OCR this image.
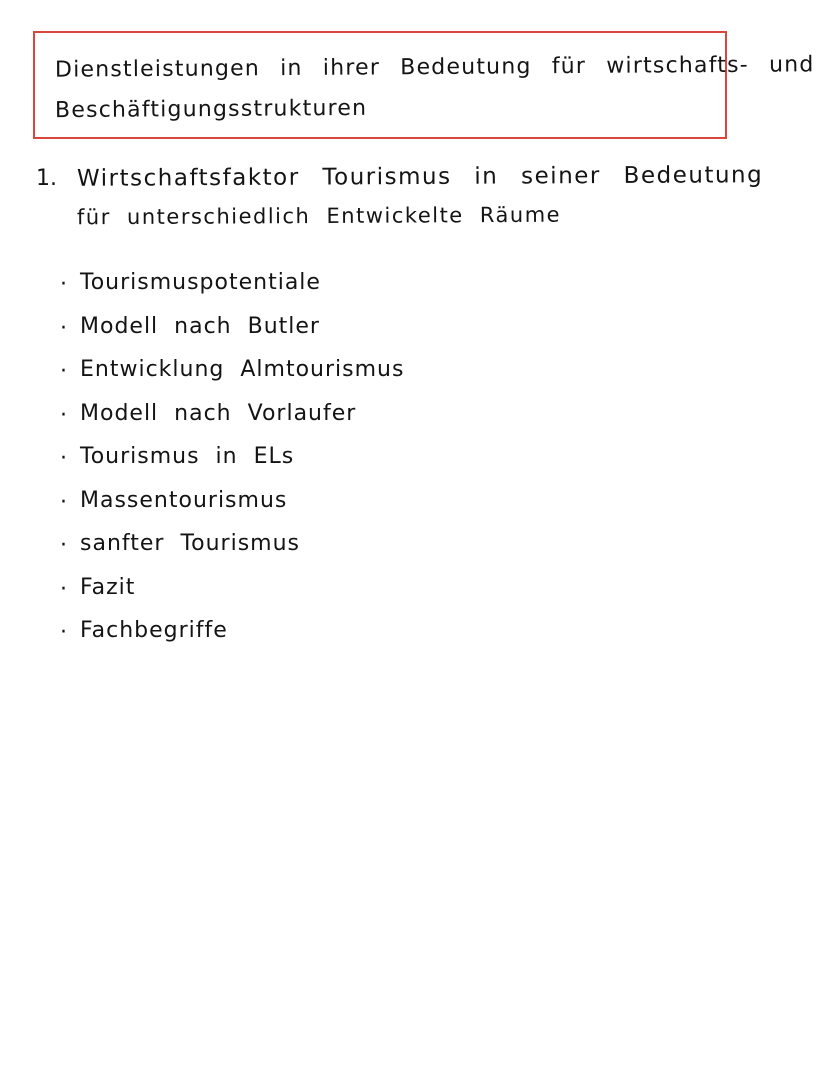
Dienstleistungen in ihrer Bedeutung für wirtschafts- und
Beschäftigungsstrukturen
1. Wirtschaftsfaktor Tourismus in seiner Bedeutung
für unterschiedlich Entwickelte Räume
· Tourismuspotentiale
· Modell nach Butler
· Entwicklung Almtourismus
· Modell nach Vorlaufer
· Tourismus in ELs
· Massentourismus
· sanfter Tourismus
· Fazit
· Fachbegriffe
